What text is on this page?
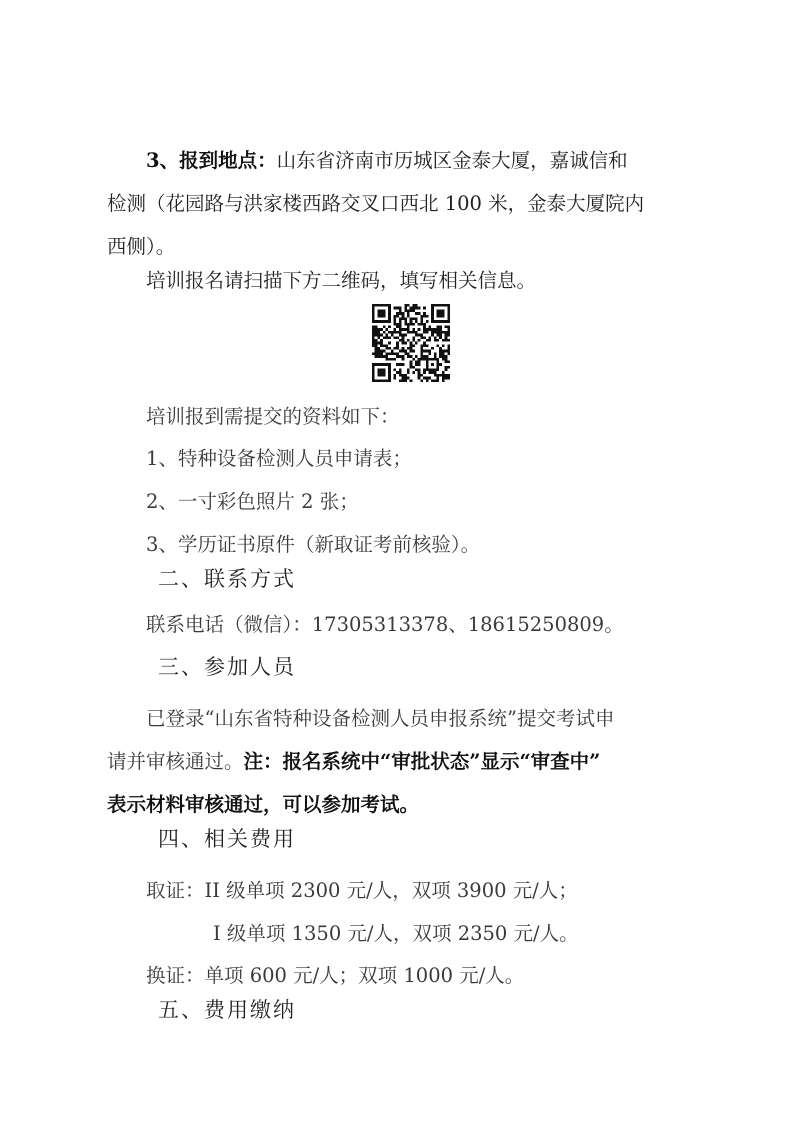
3、报到地点：山东省济南市历城区金泰大厦，嘉诚信和
检测（花园路与洪家楼西路交叉口西北 100 米，金泰大厦院内
西侧）。
培训报名请扫描下方二维码，填写相关信息。
培训报到需提交的资料如下：
1、特种设备检测人员申请表；
2、一寸彩色照片 2 张；
3、学历证书原件（新取证考前核验）。
二、联系方式
联系电话（微信）：17305313378、18615250809。
三、参加人员
已登录“山东省特种设备检测人员申报系统”提交考试申
请并审核通过。注：报名系统中“审批状态”显示“审查中”
表示材料审核通过，可以参加考试。
四、相关费用
取证：II 级单项 2300 元/人，双项 3900 元/人；
I 级单项 1350 元/人，双项 2350 元/人。
换证：单项 600 元/人；双项 1000 元/人。
五、费用缴纳
